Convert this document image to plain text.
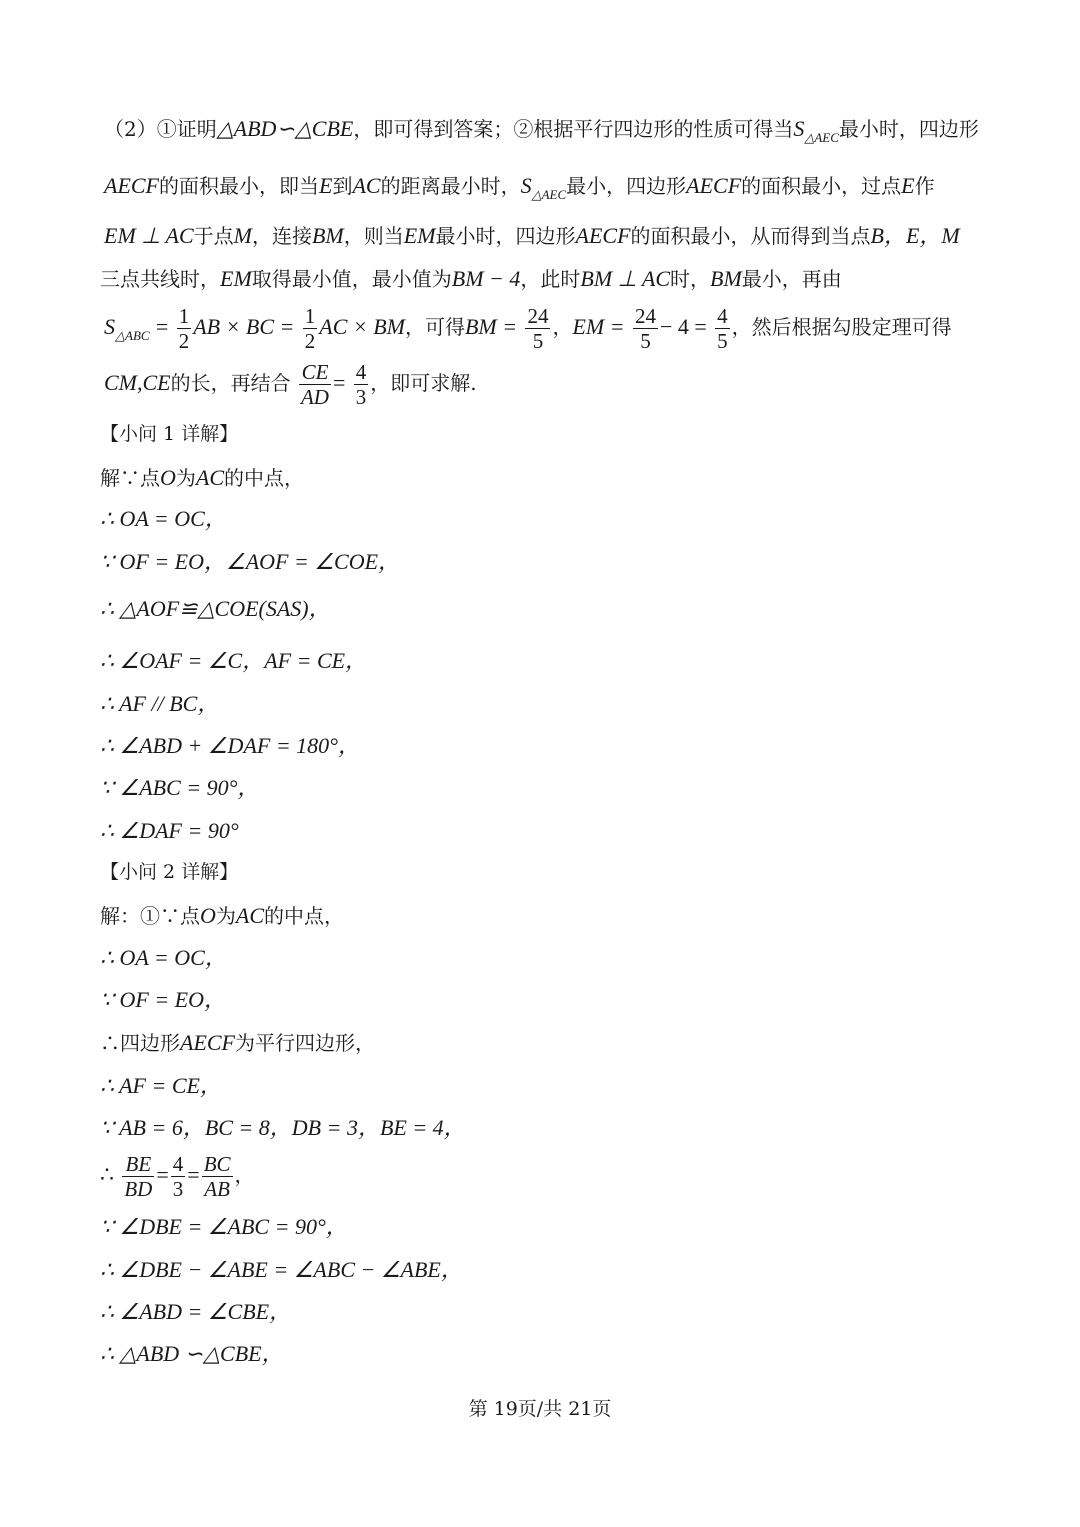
（2）①证明△ABD∽△CBE，即可得到答案；②根据平行四边形的性质可得当$S_{\triangle AEC}$最小时，四边形
AECF的面积最小，即当E到AC的距离最小时，$S_{\triangle AEC}$最小，四边形AECF的面积最小，过点E作
EM ⊥ AC于点M，连接BM，则当EM最小时，四边形AECF的面积最小，从而得到当点B，E，M
三点共线时，EM取得最小值，最小值为BM − 4，此时BM ⊥ AC时，BM最小，再由
$S_{\triangle ABC} = \frac{1}{2}$ AB × BC = $\frac{1}{2}$ AC × BM，可得BM = $\frac{24}{5}$ ，EM = $\frac{24}{5} - 4 = \frac{4}{5}$ ，然后根据勾股定理可得
CM,CE的长，再结合 $\frac{CE}{AD} = \frac{4}{3}$ ，即可求解.
【小问 1 详解】
解∵点O为AC的中点，
∴ OA = OC，
∵ OF = EO，∠AOF = ∠COE，
∴ △AOF≌△COE(SAS)，
∴ ∠OAF = ∠C，AF = CE，
∴ AF // BC，
∴ ∠ABD + ∠DAF = 180°，
∵ ∠ABC = 90°，
∴ ∠DAF = 90°
【小问 2 详解】
解：①∵点O为AC的中点，
∴ OA = OC，
∵ OF = EO，
∴四边形AECF为平行四边形，
∴ AF = CE，
∵ AB = 6，BC = 8，DB = 3，BE = 4，
∴ $\frac{BE}{BD} = \frac{4}{3} = \frac{BC}{AB}$ ，
∵ ∠DBE = ∠ABC = 90°，
∴ ∠DBE − ∠ABE = ∠ABC − ∠ABE，
∴ ∠ABD = ∠CBE，
∴ △ABD ∽△CBE，
第 19页/共 21页
